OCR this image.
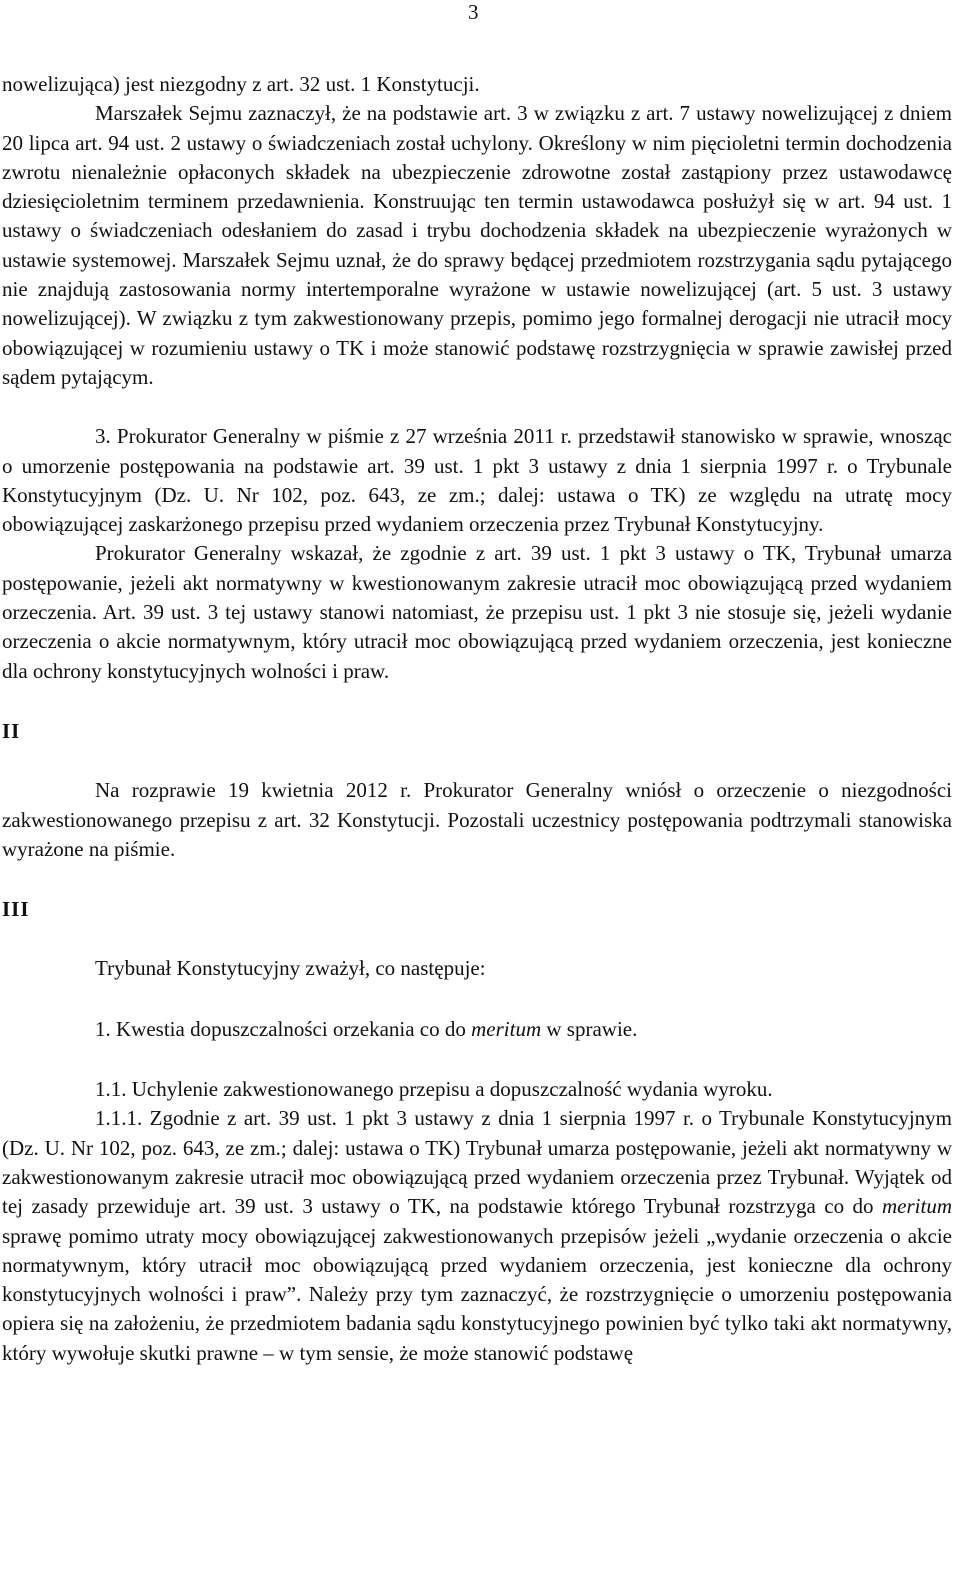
3

nowelizująca) jest niezgodny z art. 32 ust. 1 Konstytucji.

Marszałek Sejmu zaznaczył, że na podstawie art. 3 w związku z art. 7 ustawy nowelizującej z dniem 20 lipca art. 94 ust. 2 ustawy o świadczeniach został uchylony. Określony w nim pięcioletni termin dochodzenia zwrotu nienależnie opłaconych składek na ubezpieczenie zdrowotne został zastąpiony przez ustawodawcę dziesięcioletnim terminem przedawnienia. Konstruując ten termin ustawodawca posłużył się w art. 94 ust. 1 ustawy o świadczeniach odesłaniem do zasad i trybu dochodzenia składek na ubezpieczenie wyrażonych w ustawie systemowej. Marszałek Sejmu uznał, że do sprawy będącej przedmiotem rozstrzygania sądu pytającego nie znajdują zastosowania normy intertemporalne wyrażone w ustawie nowelizującej (art. 5 ust. 3 ustawy nowelizującej). W związku z tym zakwestionowany przepis, pomimo jego formalnej derogacji nie utracił mocy obowiązującej w rozumieniu ustawy o TK i może stanowić podstawę rozstrzygnięcia w sprawie zawisłej przed sądem pytającym.

3. Prokurator Generalny w piśmie z 27 września 2011 r. przedstawił stanowisko w sprawie, wnosząc o umorzenie postępowania na podstawie art. 39 ust. 1 pkt 3 ustawy z dnia 1 sierpnia 1997 r. o Trybunale Konstytucyjnym (Dz. U. Nr 102, poz. 643, ze zm.; dalej: ustawa o TK) ze względu na utratę mocy obowiązującej zaskarżonego przepisu przed wydaniem orzeczenia przez Trybunał Konstytucyjny.

Prokurator Generalny wskazał, że zgodnie z art. 39 ust. 1 pkt 3 ustawy o TK, Trybunał umarza postępowanie, jeżeli akt normatywny w kwestionowanym zakresie utracił moc obowiązującą przed wydaniem orzeczenia. Art. 39 ust. 3 tej ustawy stanowi natomiast, że przepisu ust. 1 pkt 3 nie stosuje się, jeżeli wydanie orzeczenia o akcie normatywnym, który utracił moc obowiązującą przed wydaniem orzeczenia, jest konieczne dla ochrony konstytucyjnych wolności i praw.

II

Na rozprawie 19 kwietnia 2012 r. Prokurator Generalny wniósł o orzeczenie o niezgodności zakwestionowanego przepisu z art. 32 Konstytucji. Pozostali uczestnicy postępowania podtrzymali stanowiska wyrażone na piśmie.

III

Trybunał Konstytucyjny zważył, co następuje:

1. Kwestia dopuszczalności orzekania co do meritum w sprawie.

1.1. Uchylenie zakwestionowanego przepisu a dopuszczalność wydania wyroku.

1.1.1. Zgodnie z art. 39 ust. 1 pkt 3 ustawy z dnia 1 sierpnia 1997 r. o Trybunale Konstytucyjnym (Dz. U. Nr 102, poz. 643, ze zm.; dalej: ustawa o TK) Trybunał umarza postępowanie, jeżeli akt normatywny w zakwestionowanym zakresie utracił moc obowiązującą przed wydaniem orzeczenia przez Trybunał. Wyjątek od tej zasady przewiduje art. 39 ust. 3 ustawy o TK, na podstawie którego Trybunał rozstrzyga co do meritum sprawę pomimo utraty mocy obowiązującej zakwestionowanych przepisów jeżeli „wydanie orzeczenia o akcie normatywnym, który utracił moc obowiązującą przed wydaniem orzeczenia, jest konieczne dla ochrony konstytucyjnych wolności i praw”. Należy przy tym zaznaczyć, że rozstrzygnięcie o umorzeniu postępowania opiera się na założeniu, że przedmiotem badania sądu konstytucyjnego powinien być tylko taki akt normatywny, który wywołuje skutki prawne – w tym sensie, że może stanowić podstawę
